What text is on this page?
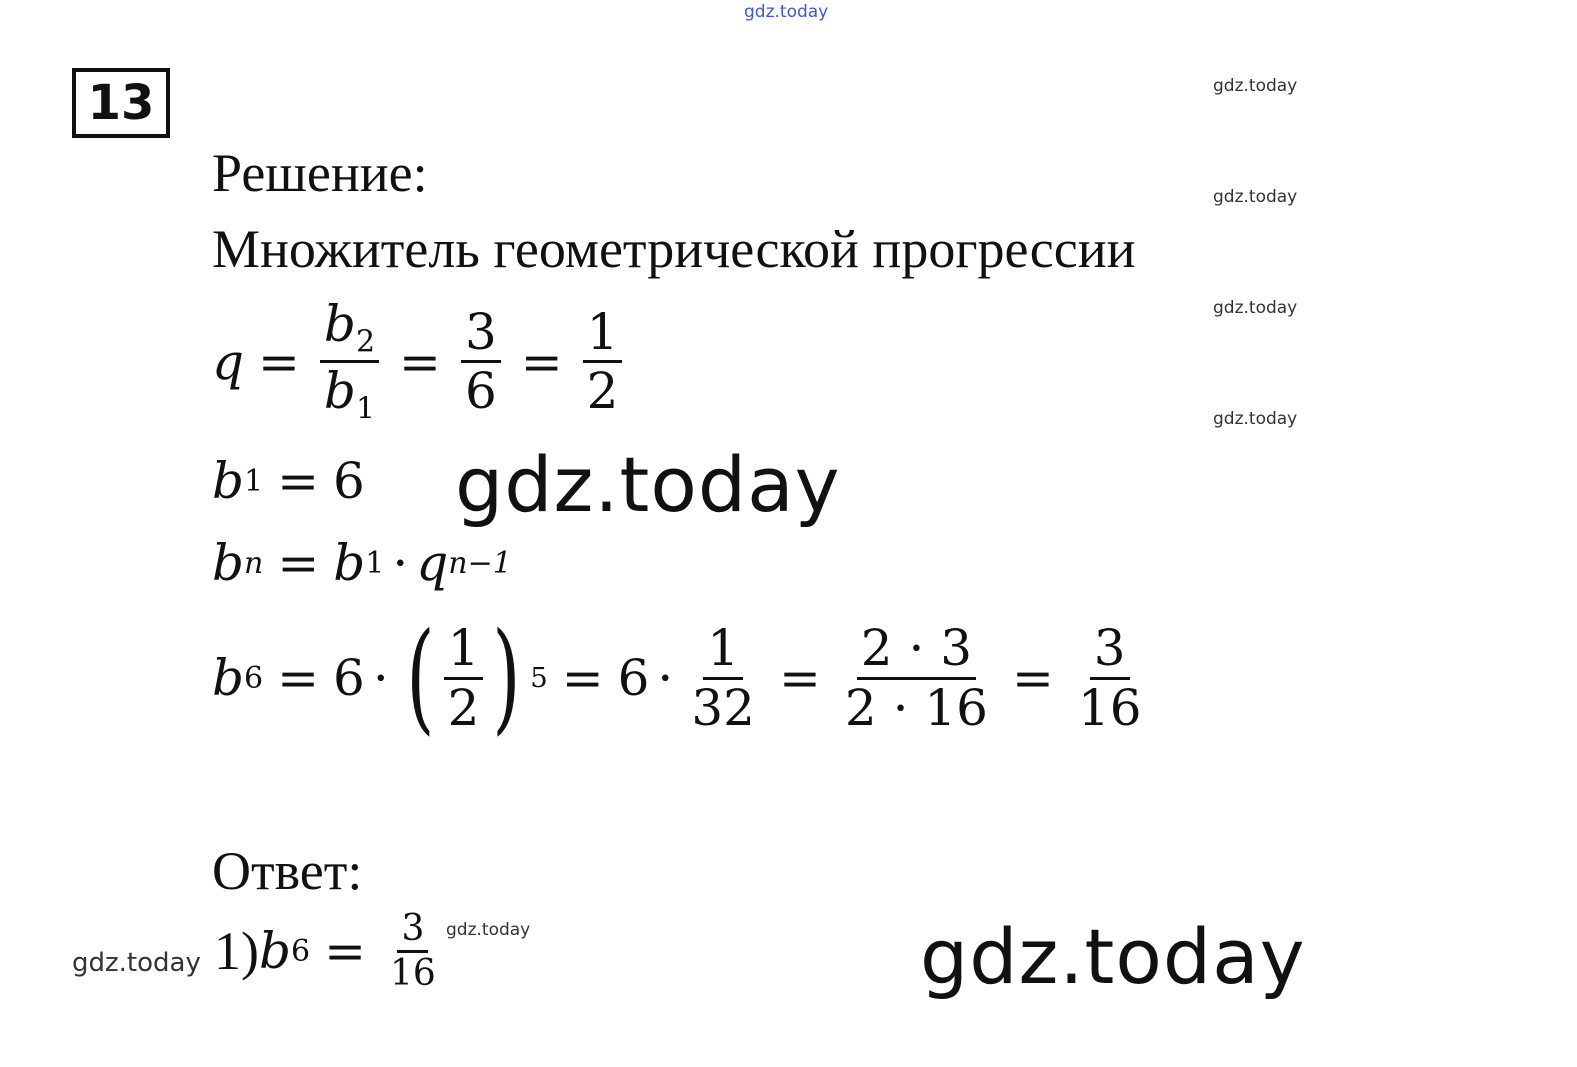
gdz.today
gdz.today
gdz.today
gdz.today
gdz.today
gdz.today
gdz.today
gdz.today	gdz.today
13
Решение:
Множитель геометрической прогрессии
$q = \frac{b_2}{b_1} = \frac{3}{6} = \frac{1}{2}$
b 1 = 6
b n = b 1 · q n−1
b 6 = 6 · ( $\frac{1}{2}$ ) $5 = 6 \cdot \frac{1}{32} = \frac{2 \cdot 3}{2 \cdot 16} = \frac{3}{16}$
Ответ:
1) b $6 = \frac{3}{16}$
